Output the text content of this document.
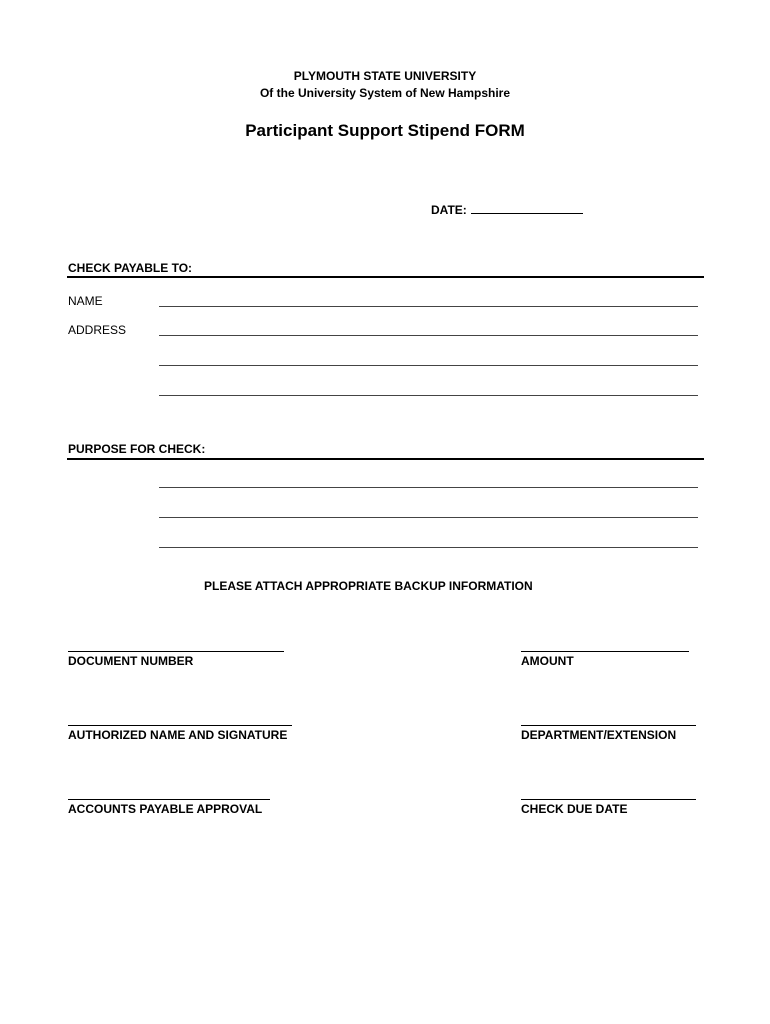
PLYMOUTH STATE UNIVERSITY
Of the University System of New Hampshire
Participant Support Stipend FORM
DATE:
CHECK PAYABLE TO:
NAME
ADDRESS
PURPOSE FOR CHECK:
PLEASE ATTACH APPROPRIATE BACKUP INFORMATION
DOCUMENT NUMBER	AMOUNT
AUTHORIZED NAME AND SIGNATURE	DEPARTMENT/EXTENSION
ACCOUNTS PAYABLE APPROVAL	CHECK DUE DATE
